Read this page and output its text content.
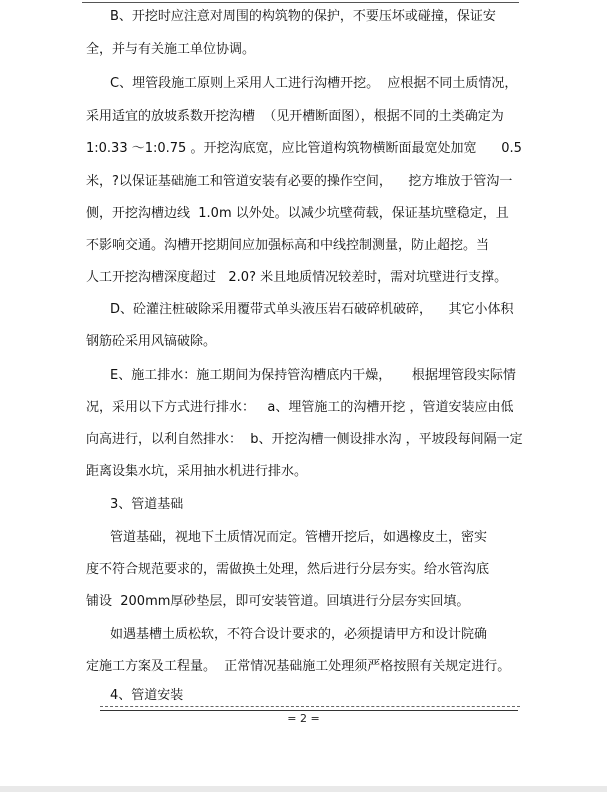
B、开挖时应注意对周围的构筑物的保护，不要压坏或碰撞，保证安

全，并与有关施工单位协调。

C、埋管段施工原则上采用人工进行沟槽开挖。  应根据不同土质情况，

采用适宜的放坡系数开挖沟槽  （见开槽断面图），根据不同的土类确定为

1:0.33 ～1:0.75 。开挖沟底宽，应比管道构筑物横断面最宽处加宽      0.5

米，?以保证基础施工和管道安装有必要的操作空间，    挖方堆放于管沟一

侧，开挖沟槽边线  1.0m 以外处。以减少坑壁荷载，保证基坑壁稳定，且

不影响交通。沟槽开挖期间应加强标高和中线控制测量，防止超挖。当

人工开挖沟槽深度超过   2.0? 米且地质情况较差时，需对坑壁进行支撑。

D、砼灌注桩破除采用覆带式单头液压岩石破碎机破碎，    其它小体积

钢筋砼采用风镐破除。

E、施工排水：施工期间为保持管沟槽底内干燥，     根据埋管段实际情

况，采用以下方式进行排水：   a、埋管施工的沟槽开挖 ，管道安装应由低

向高进行，以利自然排水：  b、开挖沟槽一侧设排水沟 ，平坡段每间隔一定

距离设集水坑，采用抽水机进行排水。

3、管道基础

管道基础，视地下土质情况而定。管槽开挖后，如遇橡皮土，密实

度不符合规范要求的，需做换土处理，然后进行分层夯实。给水管沟底

铺设  200mm厚砂垫层，即可安装管道。回填进行分层夯实回填。

如遇基槽土质松软，不符合设计要求的，必须提请甲方和设计院确

定施工方案及工程量。  正常情况基础施工处理须严格按照有关规定进行。

4、管道安装

= 2 =
